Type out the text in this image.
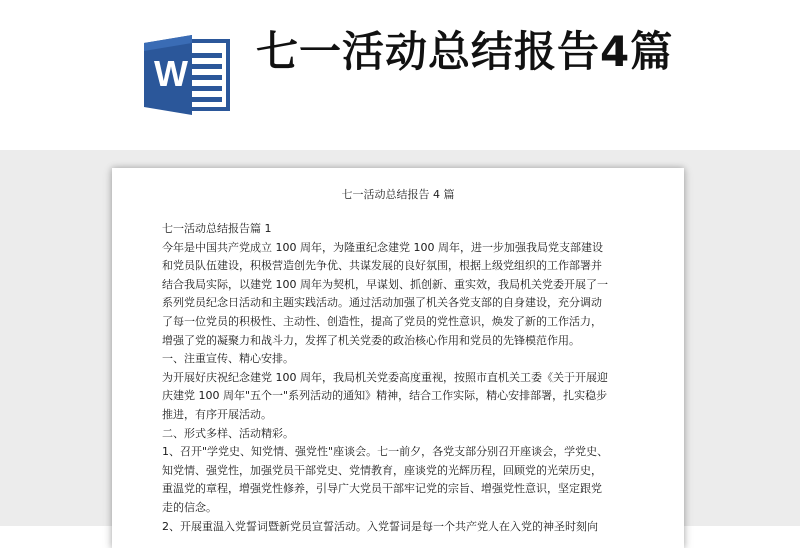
W 七一活动总结报告4篇

七一活动总结报告 4 篇

七一活动总结报告篇 1
今年是中国共产党成立 100 周年，为隆重纪念建党 100 周年，进一步加强我局党支部建设
和党员队伍建设，积极营造创先争优、共谋发展的良好氛围，根据上级党组织的工作部署并
结合我局实际，以建党 100 周年为契机，早谋划、抓创新、重实效，我局机关党委开展了一
系列党员纪念日活动和主题实践活动。通过活动加强了机关各党支部的自身建设，充分调动
了每一位党员的积极性、主动性、创造性，提高了党员的党性意识，焕发了新的工作活力，
增强了党的凝聚力和战斗力，发挥了机关党委的政治核心作用和党员的先锋模范作用。
一、注重宣传、精心安排。
为开展好庆祝纪念建党 100 周年，我局机关党委高度重视，按照市直机关工委《关于开展迎
庆建党 100 周年"五个一"系列活动的通知》精神，结合工作实际，精心安排部署，扎实稳步
推进，有序开展活动。
二、形式多样、活动精彩。
1、召开"学党史、知党情、强党性"座谈会。七一前夕，各党支部分别召开座谈会，学党史、
知党情、强党性，加强党员干部党史、党情教育，座谈党的光辉历程，回顾党的光荣历史，
重温党的章程，增强党性修养，引导广大党员干部牢记党的宗旨、增强党性意识，坚定跟党
走的信念。
2、开展重温入党誓词暨新党员宣誓活动。入党誓词是每一个共产党人在入党的神圣时刻向
